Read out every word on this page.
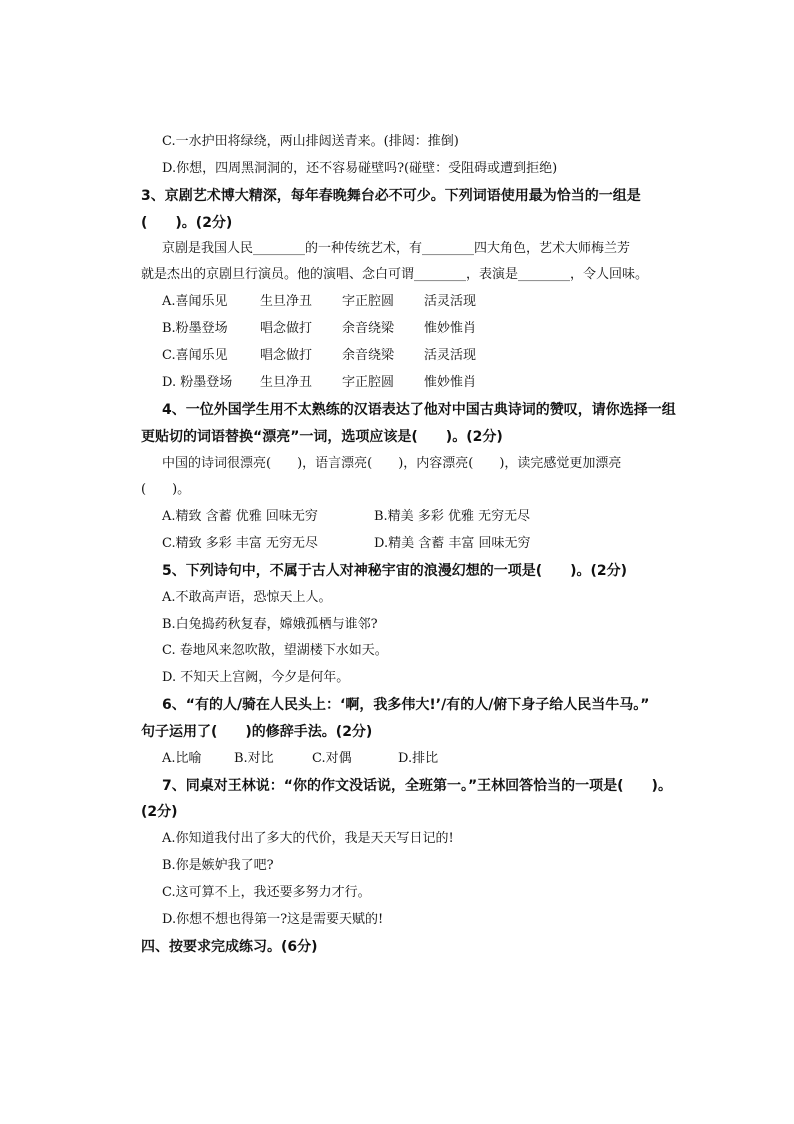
C.一水护田将绿绕，两山排闼送青来。(排闼：推倒)
D.你想，四周黑洞洞的，还不容易碰壁吗?(碰壁：受阻碍或遭到拒绝)
3、京剧艺术博大精深，每年春晚舞台必不可少。下列词语使用最为恰当的一组是
(　　)。(2分)
京剧是我国人民________的一种传统艺术，有________四大角色，艺术大师梅兰芳
就是杰出的京剧旦行演员。他的演唱、念白可谓________，表演是________，令人回味。
A.喜闻乐见 生旦净丑 字正腔圆 活灵活现
B.粉墨登场 唱念做打 余音绕梁 惟妙惟肖
C.喜闻乐见 唱念做打 余音绕梁 活灵活现
D. 粉墨登场 生旦净丑 字正腔圆 惟妙惟肖
4、一位外国学生用不太熟练的汉语表达了他对中国古典诗词的赞叹，请你选择一组
更贴切的词语替换“漂亮”一词，选项应该是(　　)。(2分)
中国的诗词很漂亮(　　)，语言漂亮(　　)，内容漂亮(　　)，读完感觉更加漂亮
(　　)。
A.精致 含蓄 优雅 回味无穷	B.精美 多彩 优雅 无穷无尽
C.精致 多彩 丰富 无穷无尽	D.精美 含蓄 丰富 回味无穷
5、下列诗句中，不属于古人对神秘宇宙的浪漫幻想的一项是(　　)。(2分)
A.不敢高声语，恐惊天上人。
B.白兔捣药秋复春，嫦娥孤栖与谁邻?
C. 卷地风来忽吹散，望湖楼下水如天。
D. 不知天上宫阙，今夕是何年。
6、“有的人/骑在人民头上：‘啊，我多伟大!’/有的人/俯下身子给人民当牛马。”
句子运用了(　　)的修辞手法。(2分)
A.比喻 B.对比	C.对偶	D.排比
7、同桌对王林说：“你的作文没话说，全班第一。”王林回答恰当的一项是(　　)。
(2分)
A.你知道我付出了多大的代价，我是天天写日记的!
B.你是嫉妒我了吧?
C.这可算不上，我还要多努力才行。
D.你想不想也得第一?这是需要天赋的!
四、按要求完成练习。(6分)
